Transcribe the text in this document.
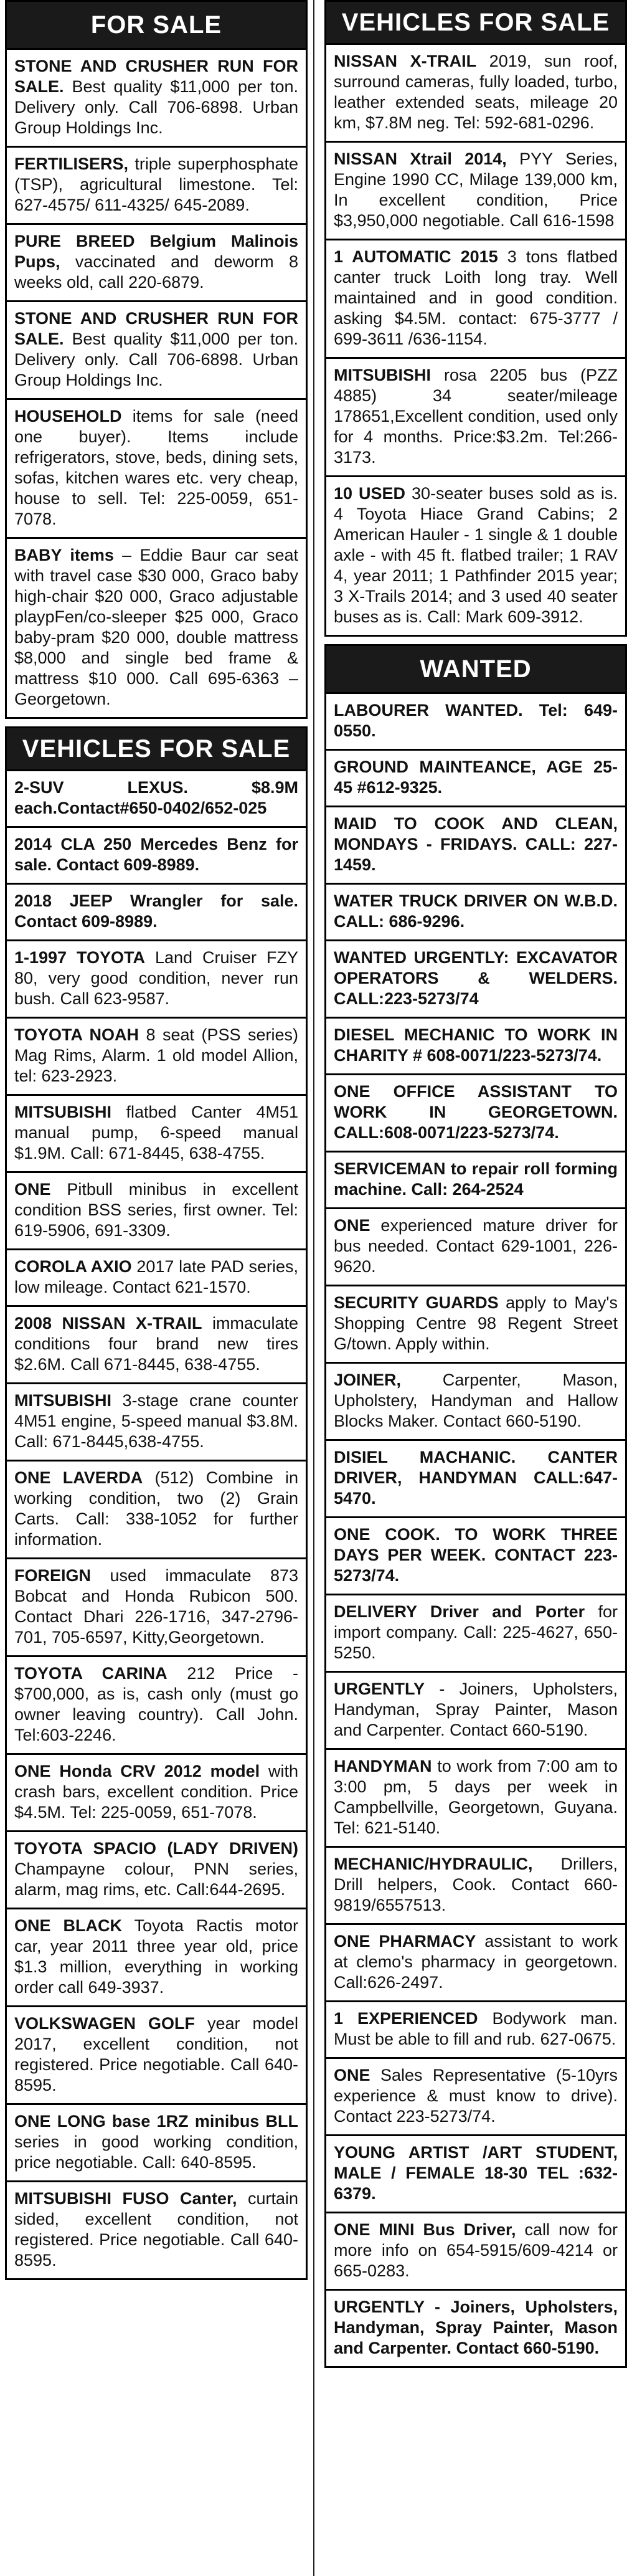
FOR SALE
STONE AND CRUSHER RUN FOR SALE. Best quality $11,000 per ton. Delivery only. Call 706-6898. Urban Group Holdings Inc.
FERTILISERS, triple superphosphate (TSP), agricultural limestone. Tel: 627-4575/ 611-4325/ 645-2089.
PURE BREED Belgium Malinois Pups, vaccinated and deworm 8 weeks old, call 220-6879.
STONE AND CRUSHER RUN FOR SALE. Best quality $11,000 per ton. Delivery only. Call 706-6898. Urban Group Holdings Inc.
HOUSEHOLD items for sale (need one buyer). Items include refrigerators, stove, beds, dining sets, sofas, kitchen wares etc. very cheap, house to sell. Tel: 225-0059, 651-7078.
BABY items – Eddie Baur car seat with travel case $30 000, Graco baby high-chair $20 000, Graco adjustable playpFen/co-sleeper $25 000, Graco baby-pram $20 000, double mattress $8,000 and single bed frame & mattress $10 000. Call 695-6363 – Georgetown.
VEHICLES FOR SALE
2-SUV LEXUS. $8.9M each.Contact#650-0402/652-025
2014 CLA 250 Mercedes Benz for sale. Contact 609-8989.
2018 JEEP Wrangler for sale. Contact 609-8989.
1-1997 TOYOTA Land Cruiser FZY 80, very good condition, never run bush. Call 623-9587.
TOYOTA NOAH 8 seat (PSS series) Mag Rims, Alarm. 1 old model Allion, tel: 623-2923.
MITSUBISHI flatbed Canter 4M51 manual pump, 6-speed manual $1.9M. Call: 671-8445, 638-4755.
ONE Pitbull minibus in excellent condition BSS series, first owner. Tel: 619-5906, 691-3309.
COROLA AXIO 2017 late PAD series, low mileage. Contact 621-1570.
2008 NISSAN X-TRAIL immaculate conditions four brand new tires $2.6M. Call 671-8445, 638-4755.
MITSUBISHI 3-stage crane counter 4M51 engine, 5-speed manual $3.8M. Call: 671-8445,638-4755.
ONE LAVERDA (512) Combine in working condition, two (2) Grain Carts. Call: 338-1052 for further information.
FOREIGN used immaculate 873 Bobcat and Honda Rubicon 500. Contact Dhari 226-1716, 347-2796-701, 705-6597, Kitty,Georgetown.
TOYOTA CARINA 212 Price - $700,000, as is, cash only (must go owner leaving country). Call John. Tel:603-2246.
ONE Honda CRV 2012 model with crash bars, excellent condition. Price $4.5M. Tel: 225-0059, 651-7078.
TOYOTA SPACIO (LADY DRIVEN) Champayne colour, PNN series, alarm, mag rims, etc. Call:644-2695.
ONE BLACK Toyota Ractis motor car, year 2011 three year old, price $1.3 million, everything in working order call 649-3937.
VOLKSWAGEN GOLF year model 2017, excellent condition, not registered. Price negotiable. Call 640-8595.
ONE LONG base 1RZ minibus BLL series in good working condition, price negotiable. Call: 640-8595.
MITSUBISHI FUSO Canter, curtain sided, excellent condition, not registered. Price negotiable. Call 640-8595.
VEHICLES FOR SALE
NISSAN X-TRAIL 2019, sun roof, surround cameras, fully loaded, turbo, leather extended seats, mileage 20 km, $7.8M neg. Tel: 592-681-0296.
NISSAN Xtrail 2014, PYY Series, Engine 1990 CC, Milage 139,000 km, In excellent condition, Price $3,950,000 negotiable. Call 616-1598
1 AUTOMATIC 2015 3 tons flatbed canter truck Loith long tray. Well maintained and in good condition. asking $4.5M. contact: 675-3777 / 699-3611 /636-1154.
MITSUBISHI rosa 2205 bus (PZZ 4885) 34 seater/mileage 178651,Excellent condition, used only for 4 months. Price:$3.2m. Tel:266-3173.
10 USED 30-seater buses sold as is. 4 Toyota Hiace Grand Cabins; 2 American Hauler - 1 single & 1 double axle - with 45 ft. flatbed trailer; 1 RAV 4, year 2011; 1 Pathfinder 2015 year; 3 X-Trails 2014; and 3 used 40 seater buses as is. Call: Mark 609-3912.
WANTED
LABOURER WANTED. Tel: 649-0550.
GROUND MAINTEANCE, AGE 25-45 #612-9325.
MAID TO COOK AND CLEAN, MONDAYS - FRIDAYS. CALL: 227-1459.
WATER TRUCK DRIVER ON W.B.D. CALL: 686-9296.
WANTED URGENTLY: EXCAVATOR OPERATORS & WELDERS. CALL:223-5273/74
DIESEL MECHANIC TO WORK IN CHARITY # 608-0071/223-5273/74.
ONE OFFICE ASSISTANT TO WORK IN GEORGETOWN. CALL:608-0071/223-5273/74.
SERVICEMAN to repair roll forming machine. Call: 264-2524
ONE experienced mature driver for bus needed. Contact 629-1001, 226-9620.
SECURITY GUARDS apply to May's Shopping Centre 98 Regent Street G/town. Apply within.
JOINER, Carpenter, Mason, Upholstery, Handyman and Hallow Blocks Maker. Contact 660-5190.
DISIEL MACHANIC. CANTER DRIVER, HANDYMAN CALL:647-5470.
ONE COOK. TO WORK THREE DAYS PER WEEK. CONTACT 223-5273/74.
DELIVERY Driver and Porter for import company. Call: 225-4627, 650-5250.
URGENTLY - Joiners, Upholsters, Handyman, Spray Painter, Mason and Carpenter. Contact 660-5190.
HANDYMAN to work from 7:00 am to 3:00 pm, 5 days per week in Campbellville, Georgetown, Guyana. Tel: 621-5140.
MECHANIC/HYDRAULIC, Drillers, Drill helpers, Cook. Contact 660-9819/6557513.
ONE PHARMACY assistant to work at clemo's pharmacy in georgetown. Call:626-2497.
1 EXPERIENCED Bodywork man. Must be able to fill and rub. 627-0675.
ONE Sales Representative (5-10yrs experience & must know to drive). Contact 223-5273/74.
YOUNG ARTIST /ART STUDENT, MALE / FEMALE 18-30 TEL :632-6379.
ONE MINI Bus Driver, call now for more info on 654-5915/609-4214 or 665-0283.
URGENTLY - Joiners, Upholsters, Handyman, Spray Painter, Mason and Carpenter. Contact 660-5190.
